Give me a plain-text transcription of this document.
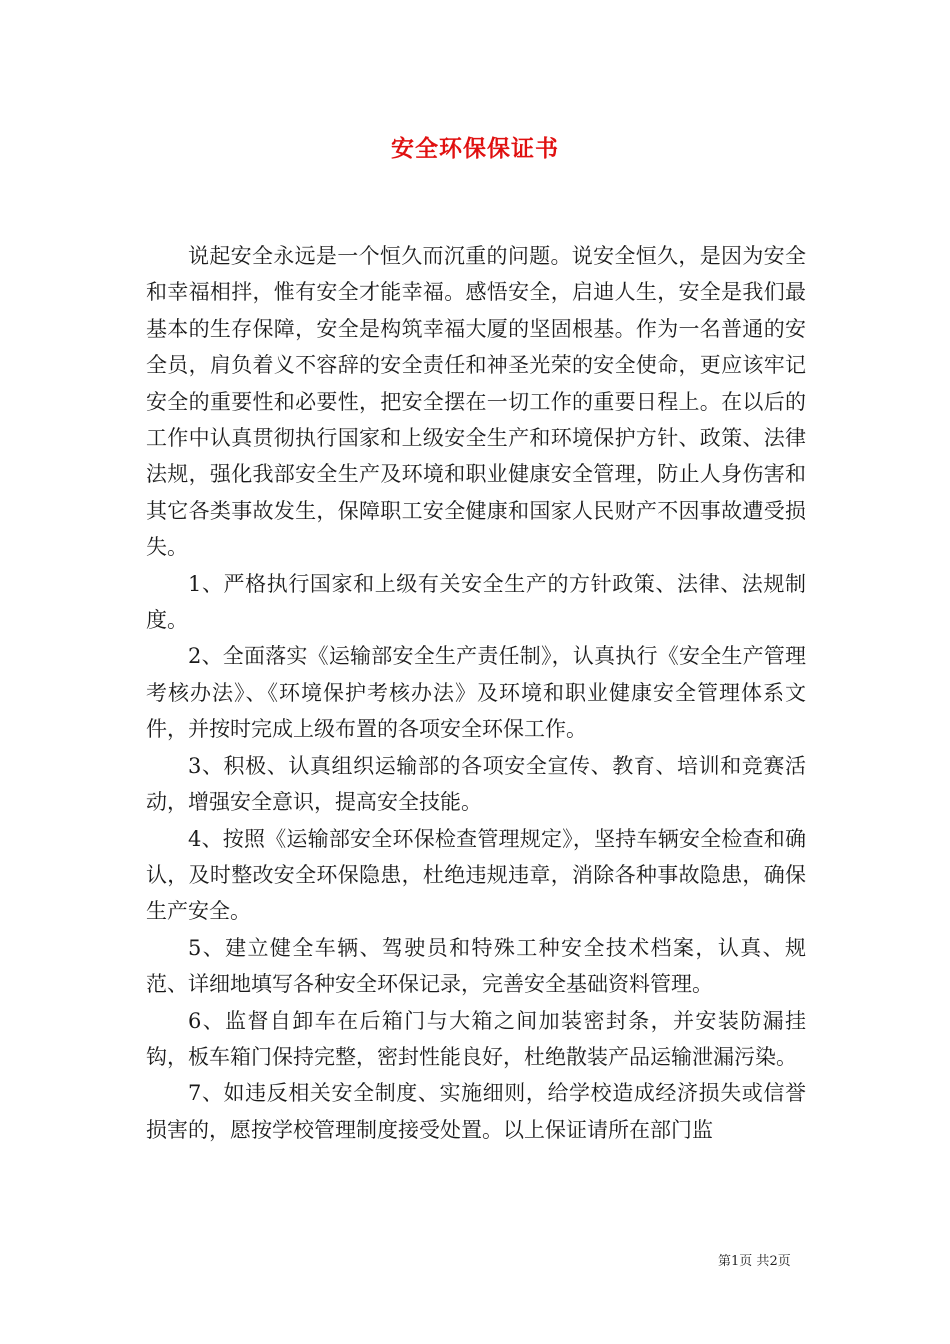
安全环保保证书

说起安全永远是一个恒久而沉重的问题。说安全恒久，是因为安全和幸福相拌，惟有安全才能幸福。感悟安全，启迪人生，安全是我们最基本的生存保障，安全是构筑幸福大厦的坚固根基。作为一名普通的安全员，肩负着义不容辞的安全责任和神圣光荣的安全使命，更应该牢记安全的重要性和必要性，把安全摆在一切工作的重要日程上。在以后的工作中认真贯彻执行国家和上级安全生产和环境保护方针、政策、法律法规，强化我部安全生产及环境和职业健康安全管理，防止人身伤害和其它各类事故发生，保障职工安全健康和国家人民财产不因事故遭受损失。

1、严格执行国家和上级有关安全生产的方针政策、法律、法规制度。

2、全面落实《运输部安全生产责任制》，认真执行《安全生产管理考核办法》、《环境保护考核办法》及环境和职业健康安全管理体系文件，并按时完成上级布置的各项安全环保工作。

3、积极、认真组织运输部的各项安全宣传、教育、培训和竞赛活动，增强安全意识，提高安全技能。

4、按照《运输部安全环保检查管理规定》，坚持车辆安全检查和确认，及时整改安全环保隐患，杜绝违规违章，消除各种事故隐患，确保生产安全。

5、建立健全车辆、驾驶员和特殊工种安全技术档案，认真、规范、详细地填写各种安全环保记录，完善安全基础资料管理。

6、监督自卸车在后箱门与大箱之间加装密封条，并安装防漏挂钩，板车箱门保持完整，密封性能良好，杜绝散装产品运输泄漏污染。

7、如违反相关安全制度、实施细则，给学校造成经济损失或信誉损害的，愿按学校管理制度接受处置。以上保证请所在部门监

第1页 共2页
